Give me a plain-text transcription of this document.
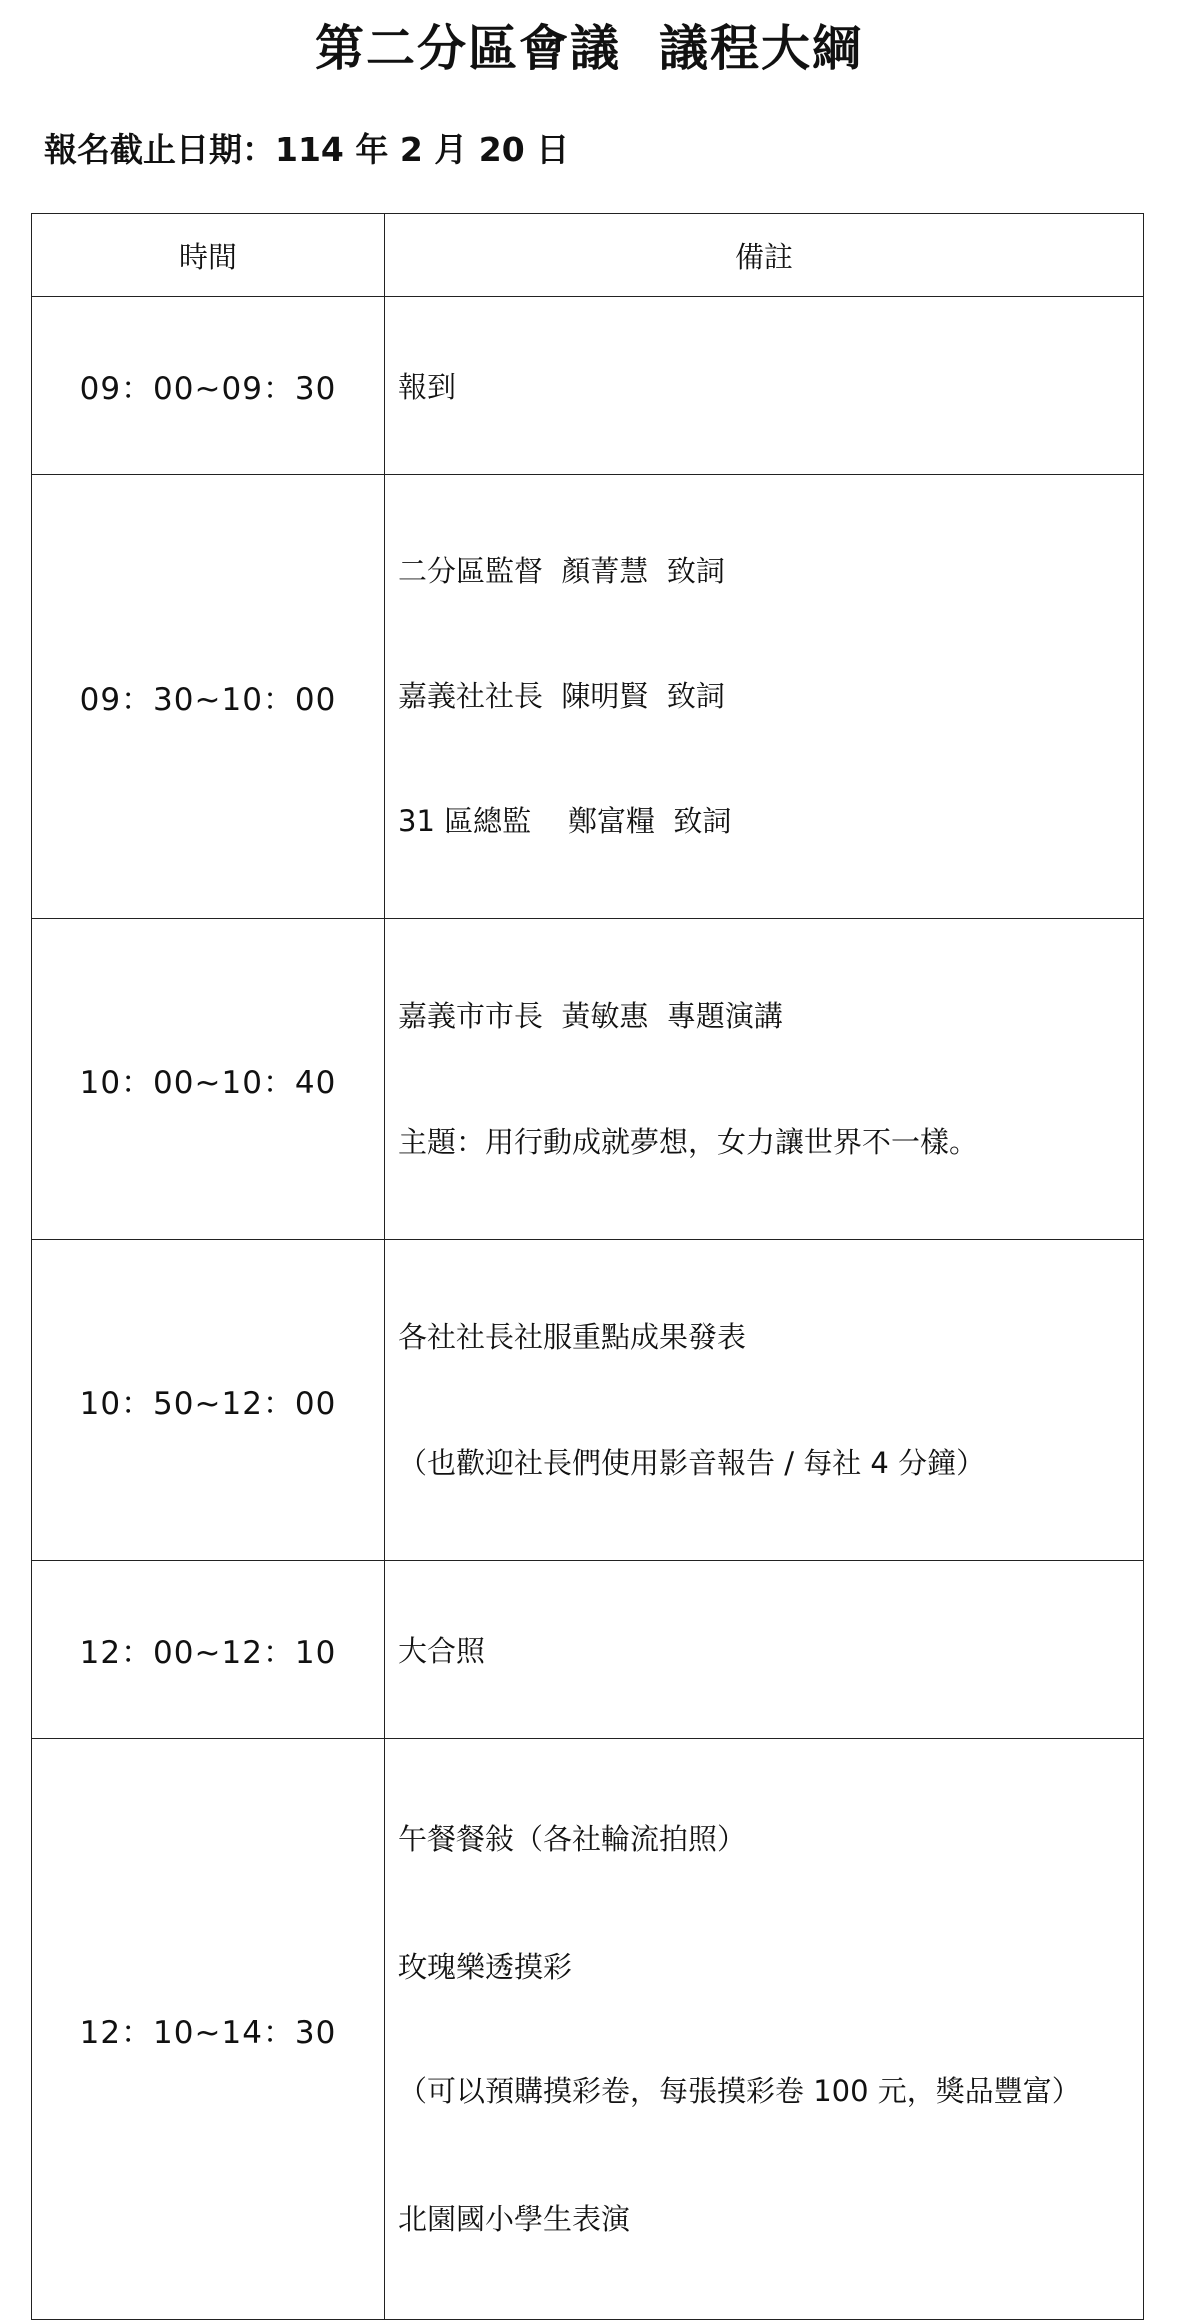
第二分區會議  議程大綱
報名截止日期：114 年 2 月 20 日
時間	備註
09：00~09：30	報到

09：30~10：00	二分區監督  顏菁慧  致詞

嘉義社社長  陳明賢  致詞

31 區總監    鄭富糧  致詞

10：00~10：40	嘉義市市長  黃敏惠  專題演講

主題：用行動成就夢想，女力讓世界不一樣。

10：50~12：00	各社社長社服重點成果發表

（也歡迎社長們使用影音報告 / 每社 4 分鐘）

12：00~12：10	大合照

12：10~14：30	午餐餐敍（各社輪流拍照）

玫瑰樂透摸彩

（可以預購摸彩卷，每張摸彩卷 100 元，獎品豐富）

北園國小學生表演
